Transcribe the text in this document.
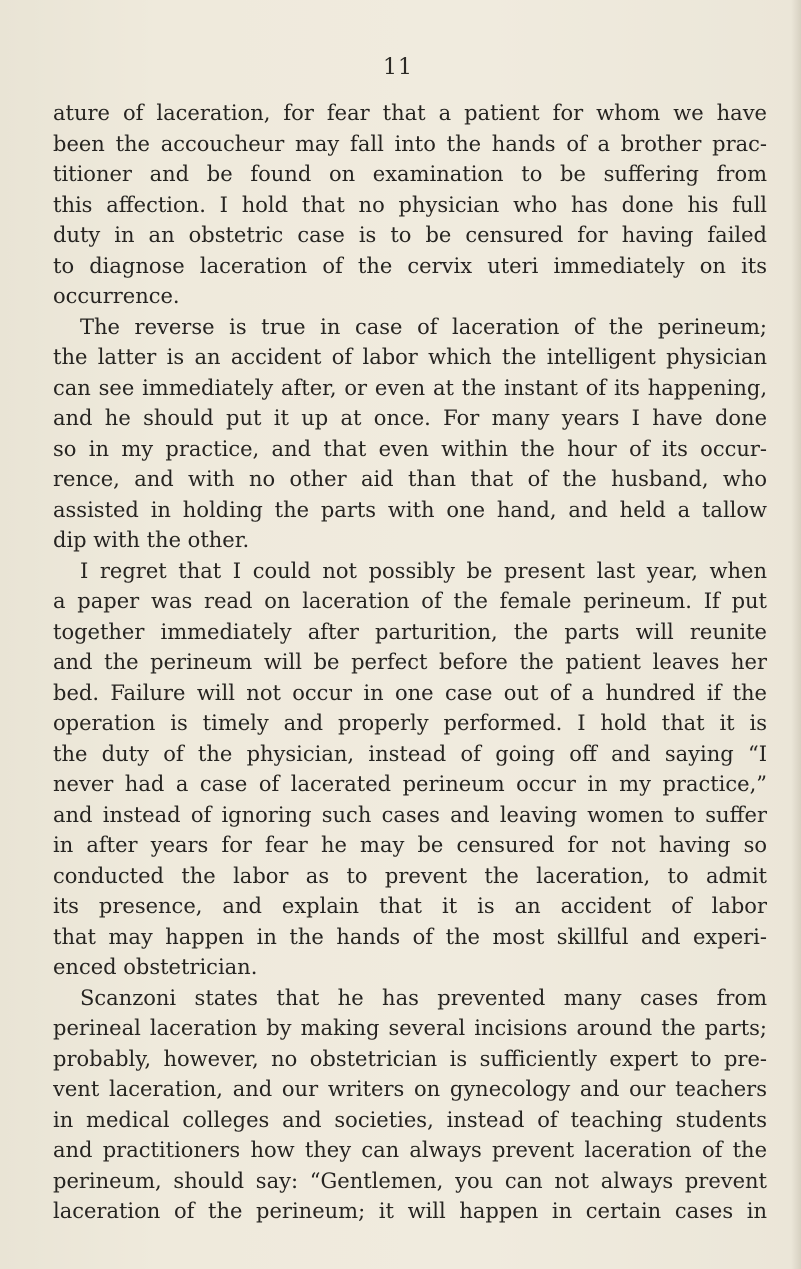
11
ature of laceration, for fear that a patient for whom we have
been the accoucheur may fall into the hands of a brother prac-
titioner and be found on examination to be suffering from
this affection. I hold that no physician who has done his full
duty in an obstetric case is to be censured for having failed
to diagnose laceration of the cervix uteri immediately on its
occurrence.
The reverse is true in case of laceration of the perineum;
the latter is an accident of labor which the intelligent physician
can see immediately after, or even at the instant of its happening,
and he should put it up at once. For many years I have done
so in my practice, and that even within the hour of its occur-
rence, and with no other aid than that of the husband, who
assisted in holding the parts with one hand, and held a tallow
dip with the other.
I regret that I could not possibly be present last year, when
a paper was read on laceration of the female perineum. If put
together immediately after parturition, the parts will reunite
and the perineum will be perfect before the patient leaves her
bed. Failure will not occur in one case out of a hundred if the
operation is timely and properly performed. I hold that it is
the duty of the physician, instead of going off and saying “I
never had a case of lacerated perineum occur in my practice,”
and instead of ignoring such cases and leaving women to suffer
in after years for fear he may be censured for not having so
conducted the labor as to prevent the laceration, to admit
its presence, and explain that it is an accident of labor
that may happen in the hands of the most skillful and experi-
enced obstetrician.
Scanzoni states that he has prevented many cases from
perineal laceration by making several incisions around the parts;
probably, however, no obstetrician is sufficiently expert to pre-
vent laceration, and our writers on gynecology and our teachers
in medical colleges and societies, instead of teaching students
and practitioners how they can always prevent laceration of the
perineum, should say: “Gentlemen, you can not always prevent
laceration of the perineum; it will happen in certain cases in
